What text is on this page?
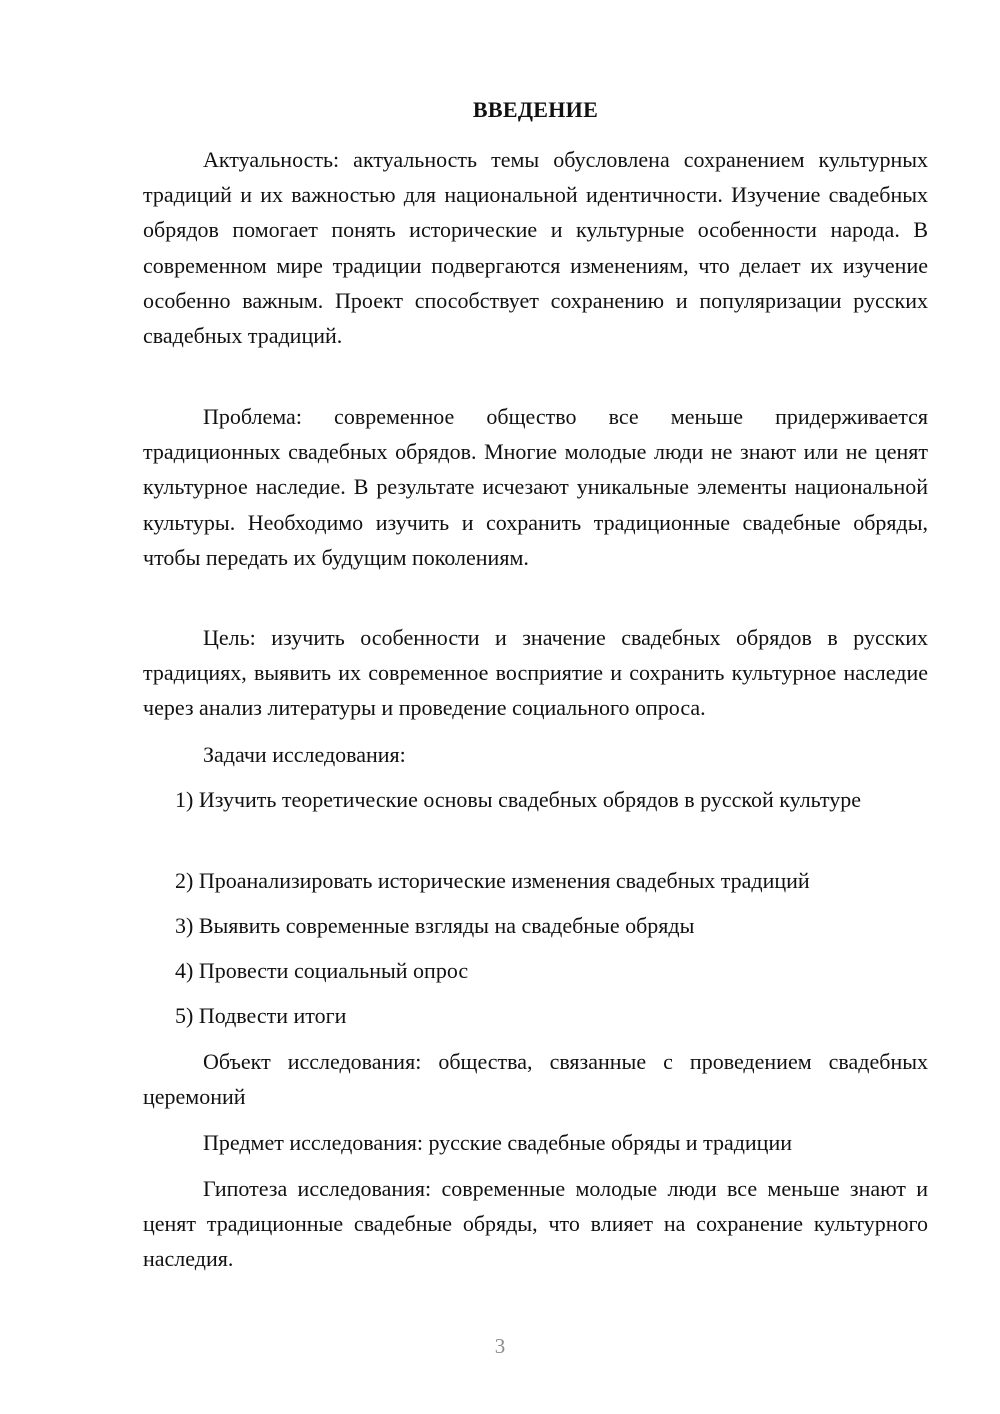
ВВЕДЕНИЕ

Актуальность: актуальность темы обусловлена сохранением культурных традиций и их важностью для национальной идентичности. Изучение свадебных обрядов помогает понять исторические и культурные особенности народа. В современном мире традиции подвергаются изменениям, что делает их изучение особенно важным. Проект способствует сохранению и популяризации русских свадебных традиций.

Проблема: современное общество все меньше придерживается традиционных свадебных обрядов. Многие молодые люди не знают или не ценят культурное наследие. В результате исчезают уникальные элементы национальной культуры. Необходимо изучить и сохранить традиционные свадебные обряды, чтобы передать их будущим поколениям.

Цель: изучить особенности и значение свадебных обрядов в русских традициях, выявить их современное восприятие и сохранить культурное наследие через анализ литературы и проведение социального опроса.

Задачи исследования:

1) Изучить теоретические основы свадебных обрядов в русской культуре

2) Проанализировать исторические изменения свадебных традиций

3) Выявить современные взгляды на свадебные обряды

4) Провести социальный опрос

5) Подвести итоги

Объект исследования: общества, связанные с проведением свадебных церемоний

Предмет исследования: русские свадебные обряды и традиции

Гипотеза исследования: современные молодые люди все меньше знают и ценят традиционные свадебные обряды, что влияет на сохранение культурного наследия.

3
